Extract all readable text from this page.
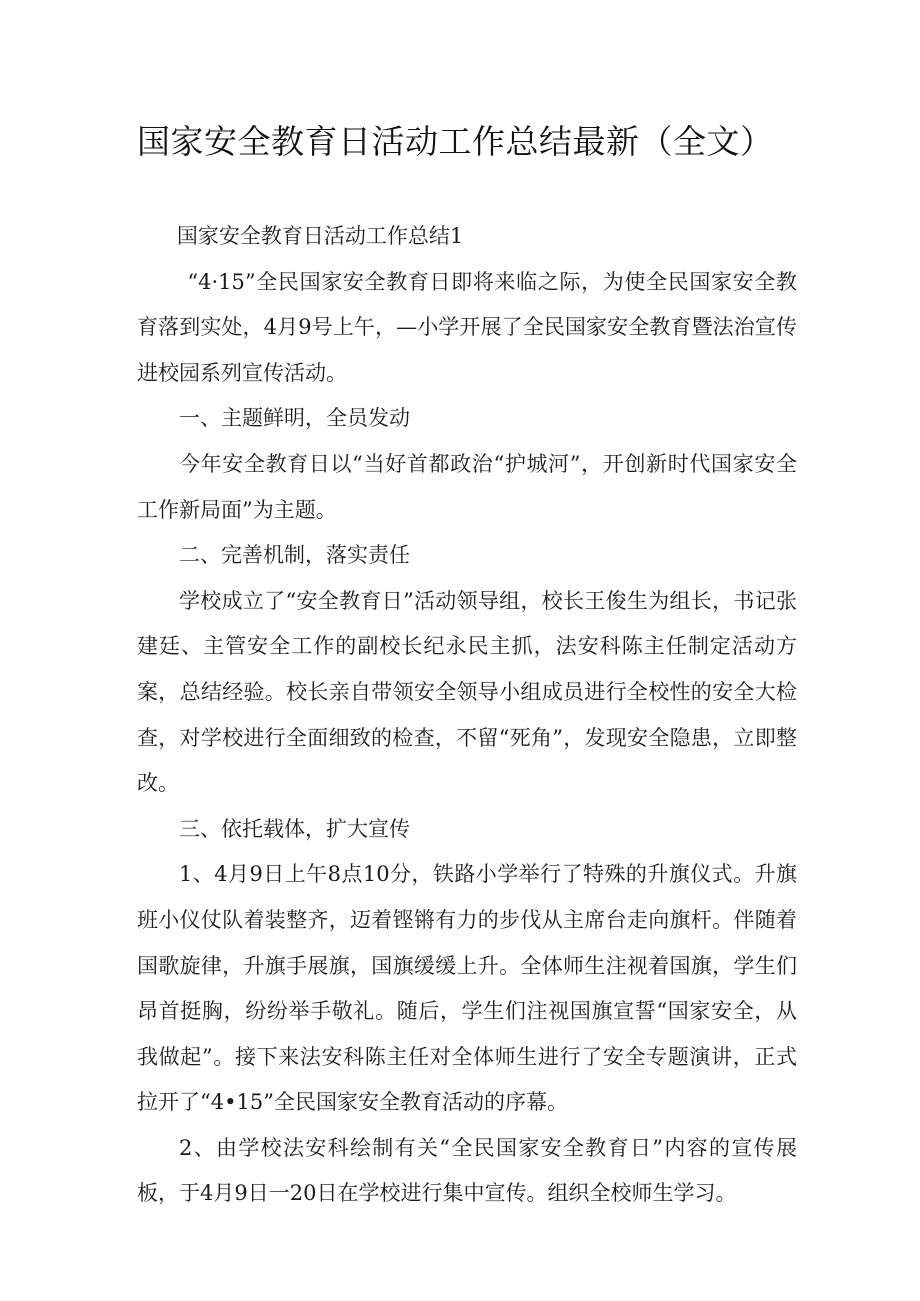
国家安全教育日活动工作总结最新（全文）

国家安全教育日活动工作总结1

“4·15”全民国家安全教育日即将来临之际，为使全民国家安全教育落到实处，4月9号上午，—小学开展了全民国家安全教育暨法治宣传进校园系列宣传活动。

一、主题鲜明，全员发动

今年安全教育日以“当好首都政治“护城河”，开创新时代国家安全工作新局面”为主题。

二、完善机制，落实责任

学校成立了“安全教育日”活动领导组，校长王俊生为组长，书记张建廷、主管安全工作的副校长纪永民主抓，法安科陈主任制定活动方案，总结经验。校长亲自带领安全领导小组成员进行全校性的安全大检查，对学校进行全面细致的检查，不留“死角”，发现安全隐患，立即整改。

三、依托载体，扩大宣传

1、4月9日上午8点10分，铁路小学举行了特殊的升旗仪式。升旗班小仪仗队着装整齐，迈着铿锵有力的步伐从主席台走向旗杆。伴随着国歌旋律，升旗手展旗，国旗缓缓上升。全体师生注视着国旗，学生们昂首挺胸，纷纷举手敬礼。随后，学生们注视国旗宣誓“国家安全，从我做起”。接下来法安科陈主任对全体师生进行了安全专题演讲，正式拉开了“4•15”全民国家安全教育活动的序幕。

2、由学校法安科绘制有关“全民国家安全教育日”内容的宣传展板，于4月9日一20日在学校进行集中宣传。组织全校师生学习。
